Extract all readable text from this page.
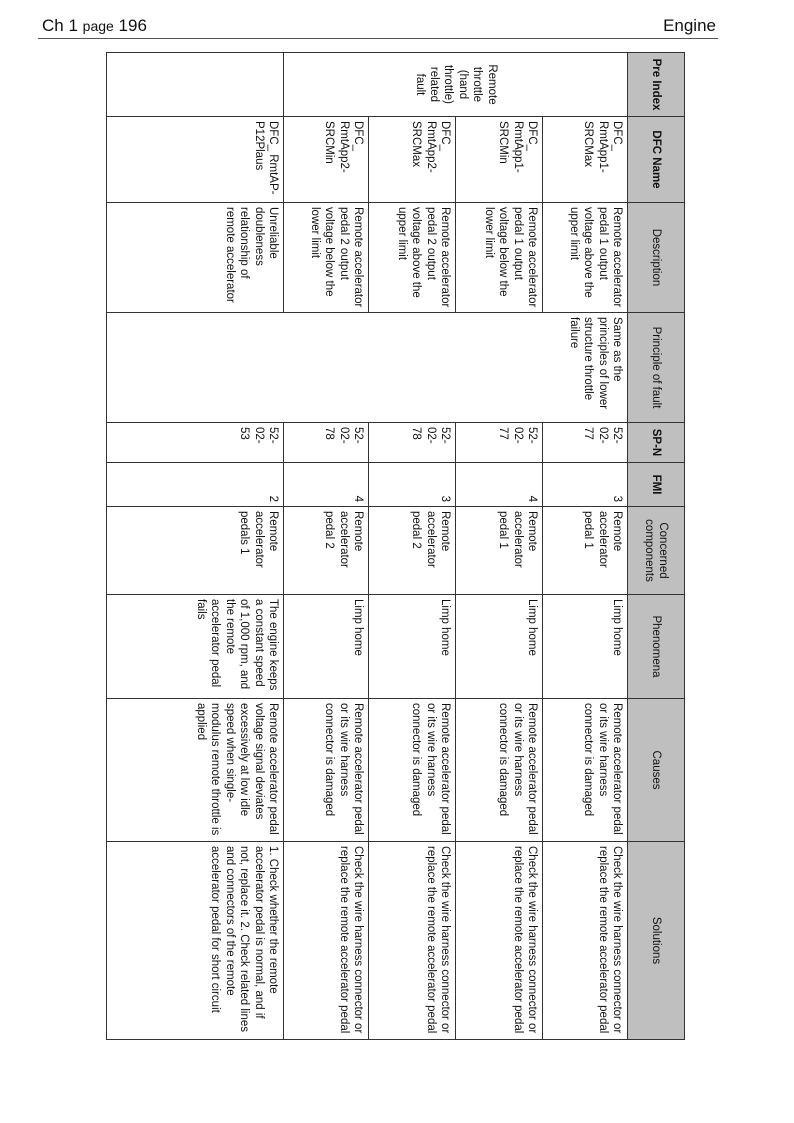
Ch 1 page 196	Engine
Pre Index	DFC Name	Description	Principle of fault	SP-N	FMI	Concerned components	Phenomena	Causes	Solutions
Remote throttle (hand throttle) related fault	DFC_ RmtApp1- SRCMax	Remote accelerator pedal 1 output voltage above the upper limit	Same as the principles of lower structure throttle failure	52- 02- 77	3	Remote accelerator pedal 1	Limp home	Remote accelerator pedal or its wire harness connector is damaged	Check the wire harness connector or replace the remote accelerator pedal
	DFC_ RmtApp1- SRCMin	Remote accelerator pedal 1 output voltage below the lower limit		52- 02- 77	4	Remote accelerator pedal 1	Limp home	Remote accelerator pedal or its wire harness connector is damaged	Check the wire harness connector or replace the remote accelerator pedal
	DFC_ RmtApp2- SRCMax	Remote accelerator pedal 2 output voltage above the upper limit		52- 02- 78	3	Remote accelerator pedal 2	Limp home	Remote accelerator pedal or its wire harness connector is damaged	Check the wire harness connector or replace the remote accelerator pedal
	DFC_ RmtApp2- SRCMin	Remote accelerator pedal 2 output voltage below the lower limit		52- 02- 78	4	Remote accelerator pedal 2	Limp home	Remote accelerator pedal or its wire harness connector is damaged	Check the wire harness connector or replace the remote accelerator pedal
	DFC_ RmtAP- P12Plaus	Unreliable doubleness relationship of remote accelerator		52- 02- 53	2	Remote accelerator pedals 1	The engine keeps a constant speed of 1,000 rpm, and the remote accelerator pedal fails	Remote accelerator pedal voltage signal deviates excessively at low idle speed when single-modulus remote throttle is applied	1. Check whether the remote accelerator pedal is normal, and if not, replace it. 2. Check related lines and connectors of the remote accelerator pedal for short circuit
